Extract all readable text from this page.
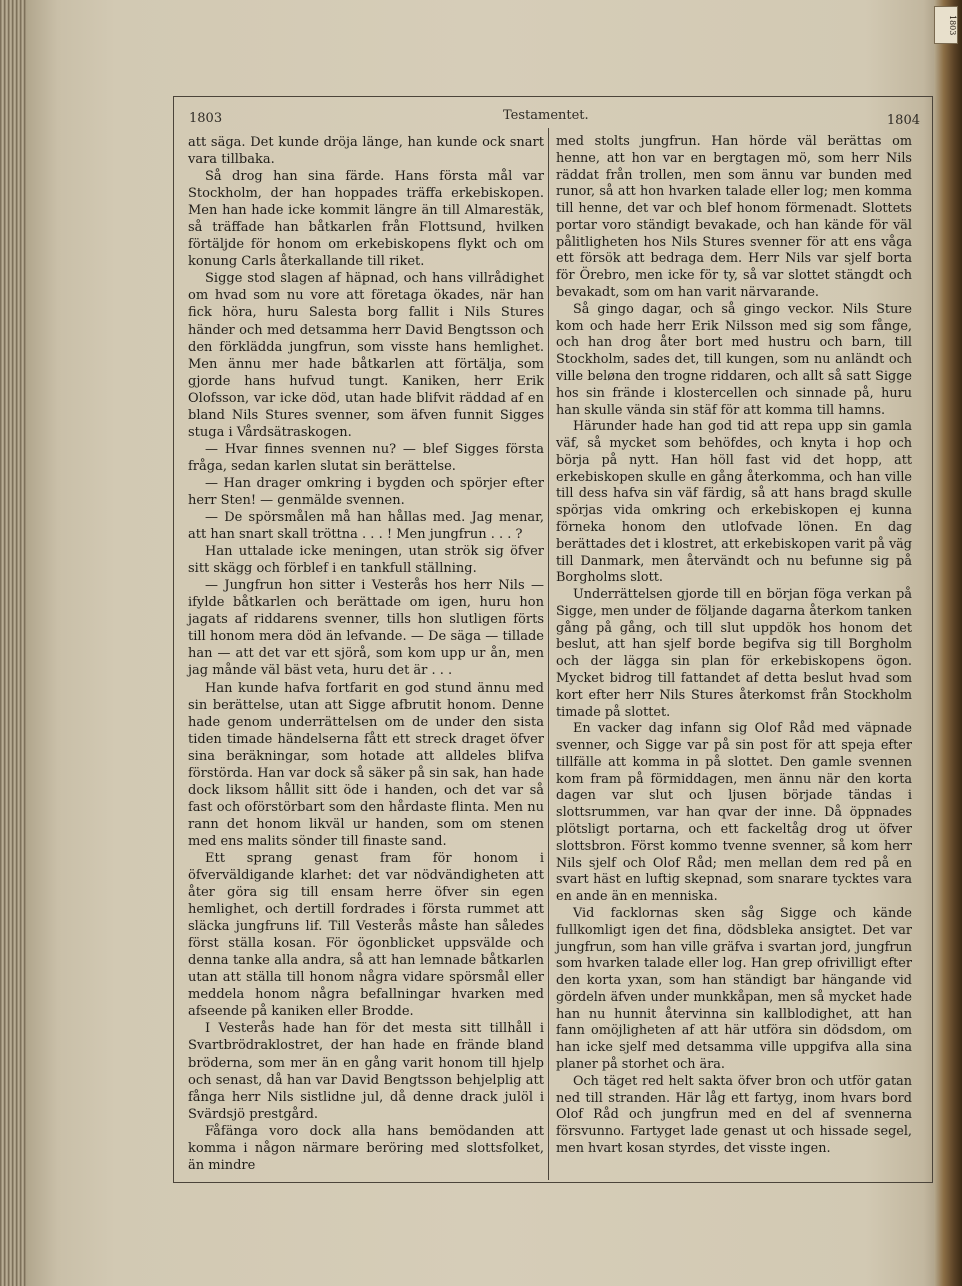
1803
1803	Testamentet.	1804

att säga. Det kunde dröja länge, han kunde ock snart vara tillbaka.

Så drog han sina färde. Hans första mål var Stockholm, der han hoppades träffa erkebiskopen. Men han hade icke kommit längre än till Almarestäk, så träffade han båtkarlen från Flottsund, hvilken förtäljde för honom om erkebiskopens flykt och om konung Carls återkallande till riket.

Sigge stod slagen af häpnad, och hans villrådighet om hvad som nu vore att företaga ökades, när han fick höra, huru Salesta borg fallit i Nils Stures händer och med detsamma herr David Bengtsson och den förklädda jungfrun, som visste hans hemlighet. Men ännu mer hade båtkarlen att förtälja, som gjorde hans hufvud tungt. Kaniken, herr Erik Olofsson, var icke död, utan hade blifvit räddad af en bland Nils Stures svenner, som äfven funnit Sigges stuga i Vårdsätraskogen.

— Hvar finnes svennen nu? — blef Sigges första fråga, sedan karlen slutat sin berättelse.

— Han drager omkring i bygden och spörjer efter herr Sten! — genmälde svennen.

— De spörsmålen må han hållas med. Jag menar, att han snart skall tröttna . . . ! Men jungfrun . . . ?

Han uttalade icke meningen, utan strök sig öfver sitt skägg och förblef i en tankfull ställning.

— Jungfrun hon sitter i Vesterås hos herr Nils — ifylde båtkarlen och berättade om igen, huru hon jagats af riddarens svenner, tills hon slutligen förts till honom mera död än lefvande. — De säga — tillade han — att det var ett sjörå, som kom upp ur ån, men jag månde väl bäst veta, huru det är . . .

Han kunde hafva fortfarit en god stund ännu med sin berättelse, utan att Sigge afbrutit honom. Denne hade genom underrättelsen om de under den sista tiden timade händelserna fått ett streck draget öfver sina beräkningar, som hotade att alldeles blifva förstörda. Han var dock så säker på sin sak, han hade dock liksom hållit sitt öde i handen, och det var så fast och oförstörbart som den hårdaste flinta. Men nu rann det honom likväl ur handen, som om stenen med ens malits sönder till finaste sand.

Ett sprang genast fram för honom i öfverväldigande klarhet: det var nödvändigheten att åter göra sig till ensam herre öfver sin egen hemlighet, och dertill fordrades i första rummet att släcka jungfruns lif. Till Vesterås måste han således först ställa kosan. För ögonblicket uppsvälde och denna tanke alla andra, så att han lemnade båtkarlen utan att ställa till honom några vidare spörsmål eller meddela honom några befallningar hvarken med afseende på kaniken eller Brodde.

I Vesterås hade han för det mesta sitt tillhåll i Svartbrödraklostret, der han hade en frände bland bröderna, som mer än en gång varit honom till hjelp och senast, då han var David Bengtsson behjelplig att fånga herr Nils sistlidne jul, då denne drack julöl i Svärdsjö prestgård.

Fåfänga voro dock alla hans bemödanden att komma i någon närmare beröring med slottsfolket, än mindre

med stolts jungfrun. Han hörde väl berättas om henne, att hon var en bergtagen mö, som herr Nils räddat från trollen, men som ännu var bunden med runor, så att hon hvarken talade eller log; men komma till henne, det var och blef honom förmenadt. Slottets portar voro ständigt bevakade, och han kände för väl pålitligheten hos Nils Stures svenner för att ens våga ett försök att bedraga dem. Herr Nils var sjelf borta för Örebro, men icke för ty, så var slottet stängdt och bevakadt, som om han varit närvarande.

Så gingo dagar, och så gingo veckor. Nils Sture kom och hade herr Erik Nilsson med sig som fånge, och han drog åter bort med hustru och barn, till Stockholm, sades det, till kungen, som nu anländt och ville beløna den trogne riddaren, och allt så satt Sigge hos sin frände i klostercellen och sinnade på, huru han skulle vända sin stäf för att komma till hamns.

Härunder hade han god tid att repa upp sin gamla väf, så mycket som behöfdes, och knyta i hop och börja på nytt. Han höll fast vid det hopp, att erkebiskopen skulle en gång återkomma, och han ville till dess hafva sin väf färdig, så att hans bragd skulle spörjas vida omkring och erkebiskopen ej kunna förneka honom den utlofvade lönen. En dag berättades det i klostret, att erkebiskopen varit på väg till Danmark, men återvändt och nu befunne sig på Borgholms slott.

Underrättelsen gjorde till en början föga verkan på Sigge, men under de följande dagarna återkom tanken gång på gång, och till slut uppdök hos honom det beslut, att han sjelf borde begifva sig till Borgholm och der lägga sin plan för erkebiskopens ögon. Mycket bidrog till fattandet af detta beslut hvad som kort efter herr Nils Stures återkomst från Stockholm timade på slottet.

En vacker dag infann sig Olof Råd med väpnade svenner, och Sigge var på sin post för att speja efter tillfälle att komma in på slottet. Den gamle svennen kom fram på förmiddagen, men ännu när den korta dagen var slut och ljusen började tändas i slottsrummen, var han qvar der inne. Då öppnades plötsligt portarna, och ett fackeltåg drog ut öfver slottsbron. Först kommo tvenne svenner, så kom herr Nils sjelf och Olof Råd; men mellan dem red på en svart häst en luftig skepnad, som snarare tycktes vara en ande än en menniska.

Vid facklornas sken såg Sigge och kände fullkomligt igen det fina, dödsbleka ansigtet. Det var jungfrun, som han ville gräfva i svartan jord, jungfrun som hvarken talade eller log. Han grep ofrivilligt efter den korta yxan, som han ständigt bar hängande vid gördeln äfven under munkkåpan, men så mycket hade han nu hunnit återvinna sin kallblodighet, att han fann omöjligheten af att här utföra sin dödsdom, om han icke sjelf med detsamma ville uppgifva alla sina planer på storhet och ära.

Och täget red helt sakta öfver bron och utför gatan ned till stranden. Här låg ett fartyg, inom hvars bord Olof Råd och jungfrun med en del af svennerna försvunno. Fartyget lade genast ut och hissade segel, men hvart kosan styrdes, det visste ingen.
